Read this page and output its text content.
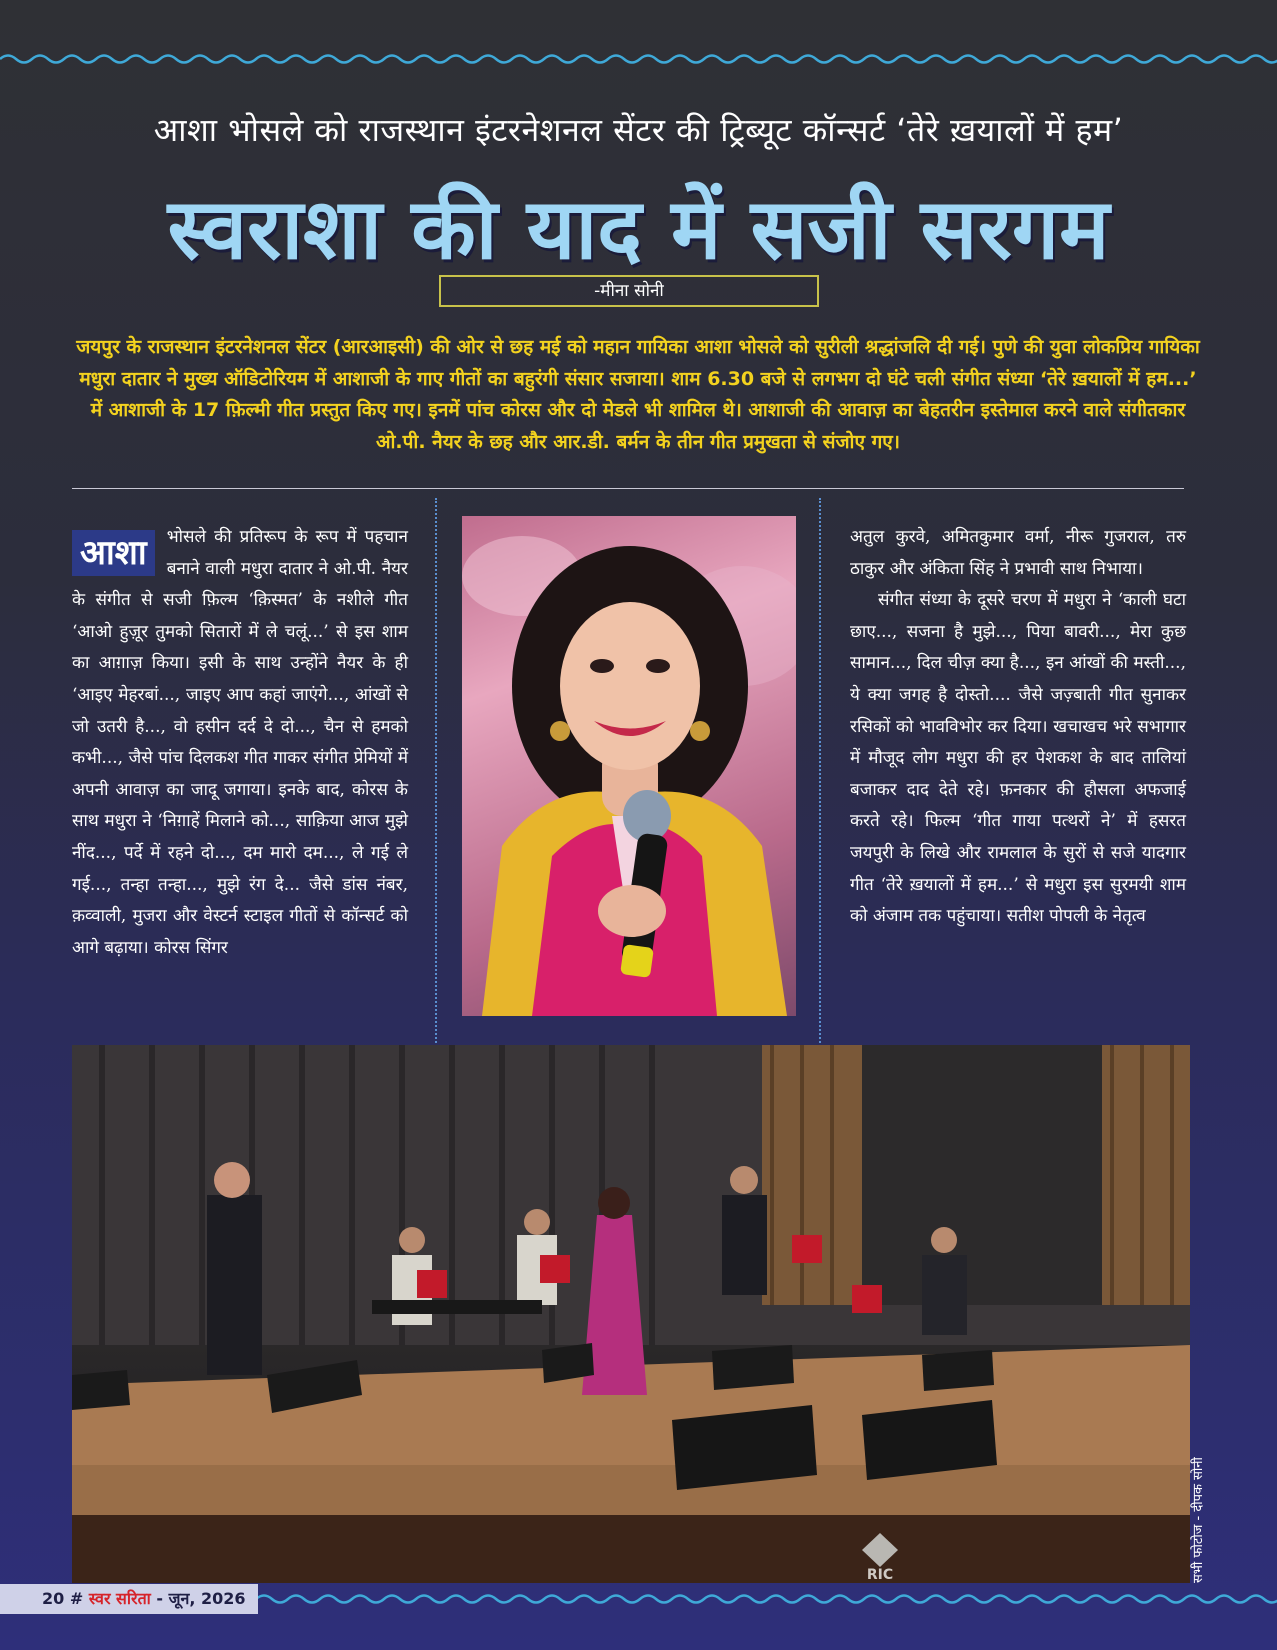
आशा भोसले को राजस्थान इंटरनेशनल सेंटर की ट्रिब्यूट कॉन्सर्ट ‘तेरे ख़यालों में हम’
स्वराशा की याद में सजी सरगम
-मीना सोनी
जयपुर के राजस्थान इंटरनेशनल सेंटर (आरआइसी) की ओर से छह मई को महान गायिका आशा भोसले को सुरीली श्रद्धांजलि दी गई। पुणे की युवा लोकप्रिय गायिका मधुरा दातार ने मुख्य ऑडिटोरियम में आशाजी के गाए गीतों का बहुरंगी संसार सजाया। शाम 6.30 बजे से लगभग दो घंटे चली संगीत संध्या ‘तेरे ख़यालों में हम...’ में आशाजी के 17 फ़िल्मी गीत प्रस्तुत किए गए। इनमें पांच कोरस और दो मेडले भी शामिल थे। आशाजी की आवाज़ का बेहतरीन इस्तेमाल करने वाले संगीतकार ओ.पी. नैयर के छह और आर.डी. बर्मन के तीन गीत प्रमुखता से संजोए गए।
आशा	भोसले की प्रतिरूप के रूप में पहचान बनाने वाली मधुरा दातार ने ओ.पी. नैयर के संगीत से सजी फ़िल्म ‘क़िस्मत’ के नशीले गीत ‘आओ हुज़ूर तुमको सितारों में ले चलूं...’ से इस शाम का आग़ाज़ किया। इसी के साथ उन्होंने नैयर के ही ‘आइए मेहरबां..., जाइए आप कहां जाएंगे..., आंखों से जो उतरी है..., वो हसीन दर्द दे दो..., चैन से हमको कभी..., जैसे पांच दिलकश गीत गाकर संगीत प्रेमियों में अपनी आवाज़ का जादू जगाया। इनके बाद, कोरस के साथ मधुरा ने ‘निग़ाहें मिलाने को..., साक़िया आज मुझे नींद..., पर्दे में रहने दो..., दम मारो दम..., ले गई ले गई..., तन्हा तन्हा..., मुझे रंग दे... जैसे डांस नंबर, क़व्वाली, मुजरा और वेस्टर्न स्टाइल गीतों से कॉन्सर्ट को आगे बढ़ाया। कोरस सिंगर

अतुल कुरवे, अमितकुमार वर्मा, नीरू गुजराल, तरु ठाकुर और अंकिता सिंह ने प्रभावी साथ निभाया।

संगीत संध्या के दूसरे चरण में मधुरा ने ‘काली घटा छाए..., सजना है मुझे..., पिया बावरी..., मेरा कुछ सामान..., दिल चीज़ क्या है..., इन आंखों की मस्ती..., ये क्या जगह है दोस्तो.... जैसे जज़्बाती गीत सुनाकर रसिकों को भावविभोर कर दिया। खचाखच भरे सभागार में मौजूद लोग मधुरा की हर पेशकश के बाद तालियां बजाकर दाद देते रहे। फ़नकार की हौसला अफजाई करते रहे। फिल्म ‘गीत गाया पत्थरों ने’ में हसरत जयपुरी के लिखे और रामलाल के सुरों से सजे यादगार गीत ‘तेरे ख़यालों में हम...’ से मधुरा इस सुरमयी शाम को अंजाम तक पहुंचाया। सतीश पोपली के नेतृत्व

RIC	सभी फोटोज - दीपक सोनी
20 # स्वर सरिता - जून, 2026
